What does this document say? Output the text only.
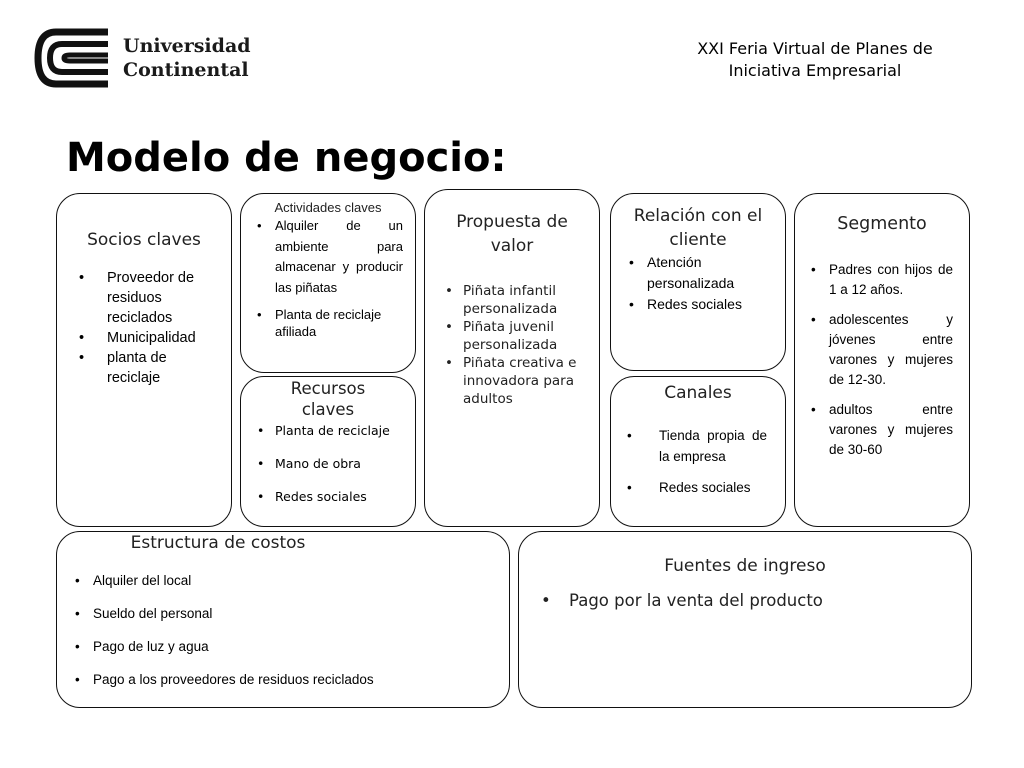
Universidad
Continental
XXI Feria Virtual de Planes de
Iniciativa Empresarial
Modelo de negocio:
Socios claves
• Proveedor de residuos reciclados
• Municipalidad
• planta de reciclaje
Actividades claves
• Alquiler de un ambiente para almacenar y producir las piñatas
• Planta de reciclaje afiliada
Recursos claves
• Planta de reciclaje
• Mano de obra
• Redes sociales
Propuesta de valor
• Piñata infantil personalizada
• Piñata juvenil personalizada
• Piñata creativa e innovadora para adultos
Relación con el cliente
• Atención personalizada
• Redes sociales
Canales
• Tienda propia de la empresa
• Redes sociales
Segmento
• Padres con hijos de 1 a 12 años.
• adolescentes y jóvenes entre varones y mujeres de 12-30.
• adultos entre varones y mujeres de 30-60
Estructura de costos
• Alquiler del local
• Sueldo del personal
• Pago de luz y agua
• Pago a los proveedores de residuos reciclados
Fuentes de ingreso
• Pago por la venta del producto
